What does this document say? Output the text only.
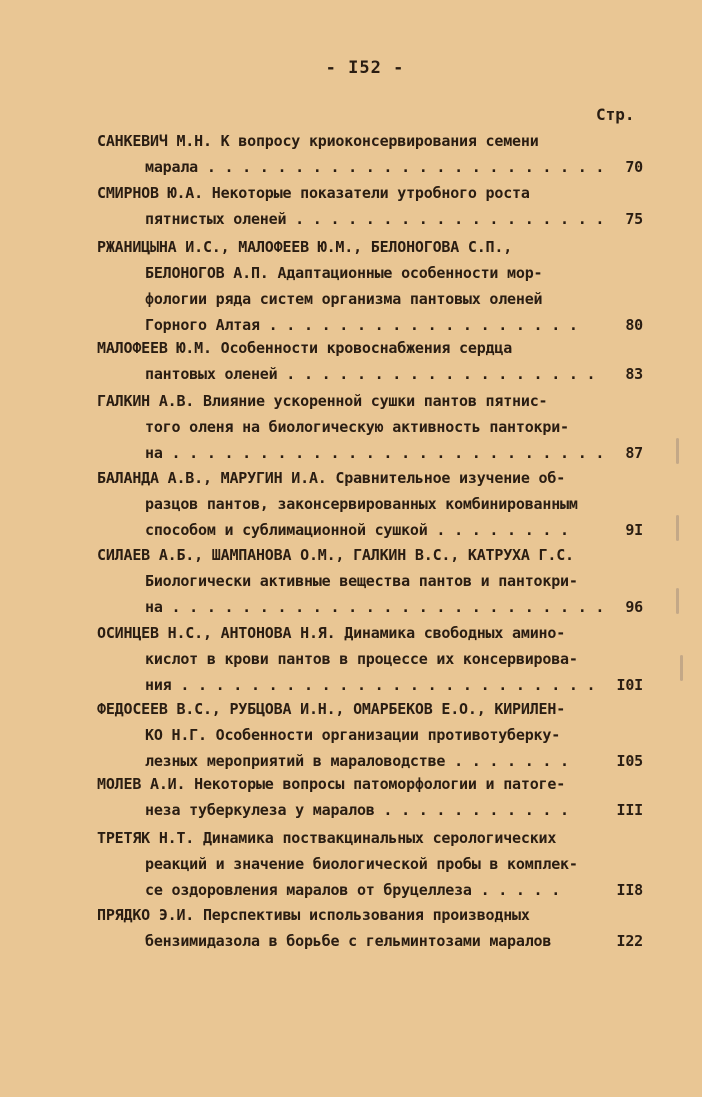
- I52 -
Стр.
САНКЕВИЧ М.Н. К вопросу криоконсервирования семени
марала . . . . . . . . . . . . . . . . . . . . . . .	70
СМИРНОВ Ю.А. Некоторые показатели утробного роста
пятнистых оленей . . . . . . . . . . . . . . . . . .	75
РЖАНИЦЫНА И.С., МАЛОФЕЕВ Ю.М., БЕЛОНОГОВА С.П.,
БЕЛОНОГОВ А.П. Адаптационные особенности мор-
фологии ряда систем организма пантовых оленей
Горного Алтая . . . . . . . . . . . . . . . . . .	80
МАЛОФЕЕВ Ю.М. Особенности кровоснабжения сердца
пантовых оленей . . . . . . . . . . . . . . . . . .	83
ГАЛКИН А.В. Влияние ускоренной сушки пантов пятнис-
того оленя на биологическую активность пантокри-
на . . . . . . . . . . . . . . . . . . . . . . . . .	87
БАЛАНДА А.В., МАРУГИН И.А. Сравнительное изучение об-
разцов пантов, законсервированных комбинированным
способом и сублимационной сушкой . . . . . . . .	9I
СИЛАЕВ А.Б., ШАМПАНОВА О.М., ГАЛКИН В.С., КАТРУХА Г.С.
Биологически активные вещества пантов и пантокри-
на . . . . . . . . . . . . . . . . . . . . . . . . .	96
ОСИНЦЕВ Н.С., АНТОНОВА Н.Я. Динамика свободных амино-
кислот в крови пантов в процессе их консервирова-
ния . . . . . . . . . . . . . . . . . . . . . . . .	I0I
ФЕДОСЕЕВ В.С., РУБЦОВА И.Н., ОМАРБЕКОВ Е.О., КИРИЛЕН-
КО Н.Г. Особенности организации противотуберку-
лезных мероприятий в мараловодстве . . . . . . .	I05
МОЛЕВ А.И. Некоторые вопросы патоморфологии и патоге-
неза туберкулеза у маралов . . . . . . . . . . .	III
ТРЕТЯК Н.Т. Динамика поствакцинальных серологических
реакций и значение биологической пробы в комплек-
се оздоровления маралов от бруцеллеза . . . . .	II8
ПРЯДКО Э.И. Перспективы использования производных
бензимидазола в борьбе с гельминтозами маралов	I22
